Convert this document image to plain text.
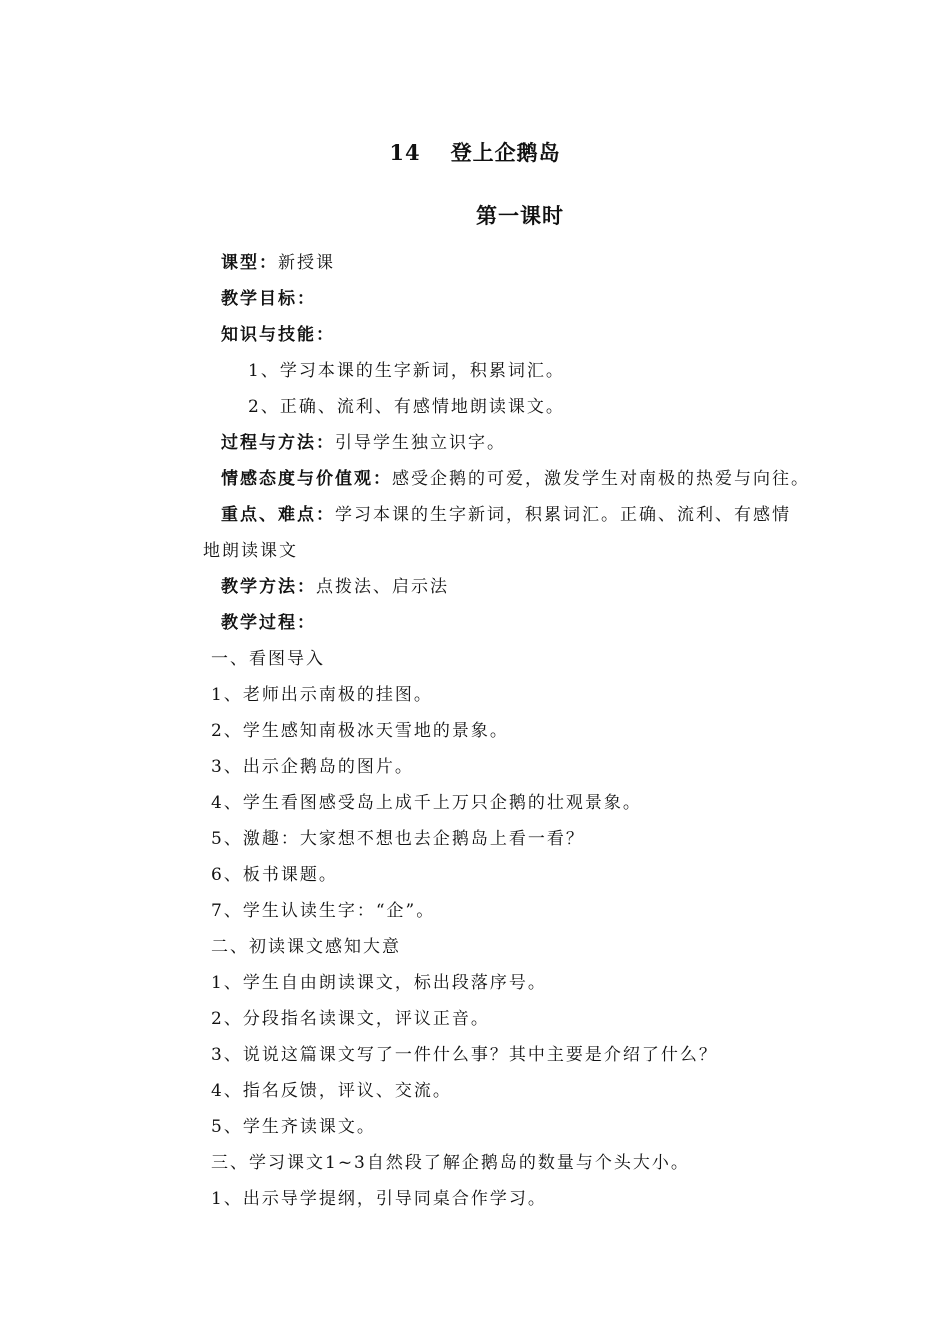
14 登上企鹅岛
第一课时
课型：新授课
教学目标：
知识与技能：
1、学习本课的生字新词，积累词汇。
2、正确、流利、有感情地朗读课文。
过程与方法：引导学生独立识字。
情感态度与价值观：感受企鹅的可爱，激发学生对南极的热爱与向往。
重点、难点：学习本课的生字新词，积累词汇。正确、流利、有感情
地朗读课文
教学方法：点拨法、启示法
教学过程：
一、看图导入
1、老师出示南极的挂图。
2、学生感知南极冰天雪地的景象。
3、出示企鹅岛的图片。
4、学生看图感受岛上成千上万只企鹅的壮观景象。
5、激趣：大家想不想也去企鹅岛上看一看？
6、板书课题。
7、学生认读生字：“企”。
二、初读课文感知大意
1、学生自由朗读课文，标出段落序号。
2、分段指名读课文，评议正音。
3、说说这篇课文写了一件什么事？其中主要是介绍了什么？
4、指名反馈，评议、交流。
5、学生齐读课文。
三、学习课文1~3自然段了解企鹅岛的数量与个头大小。
1、出示导学提纲，引导同桌合作学习。
